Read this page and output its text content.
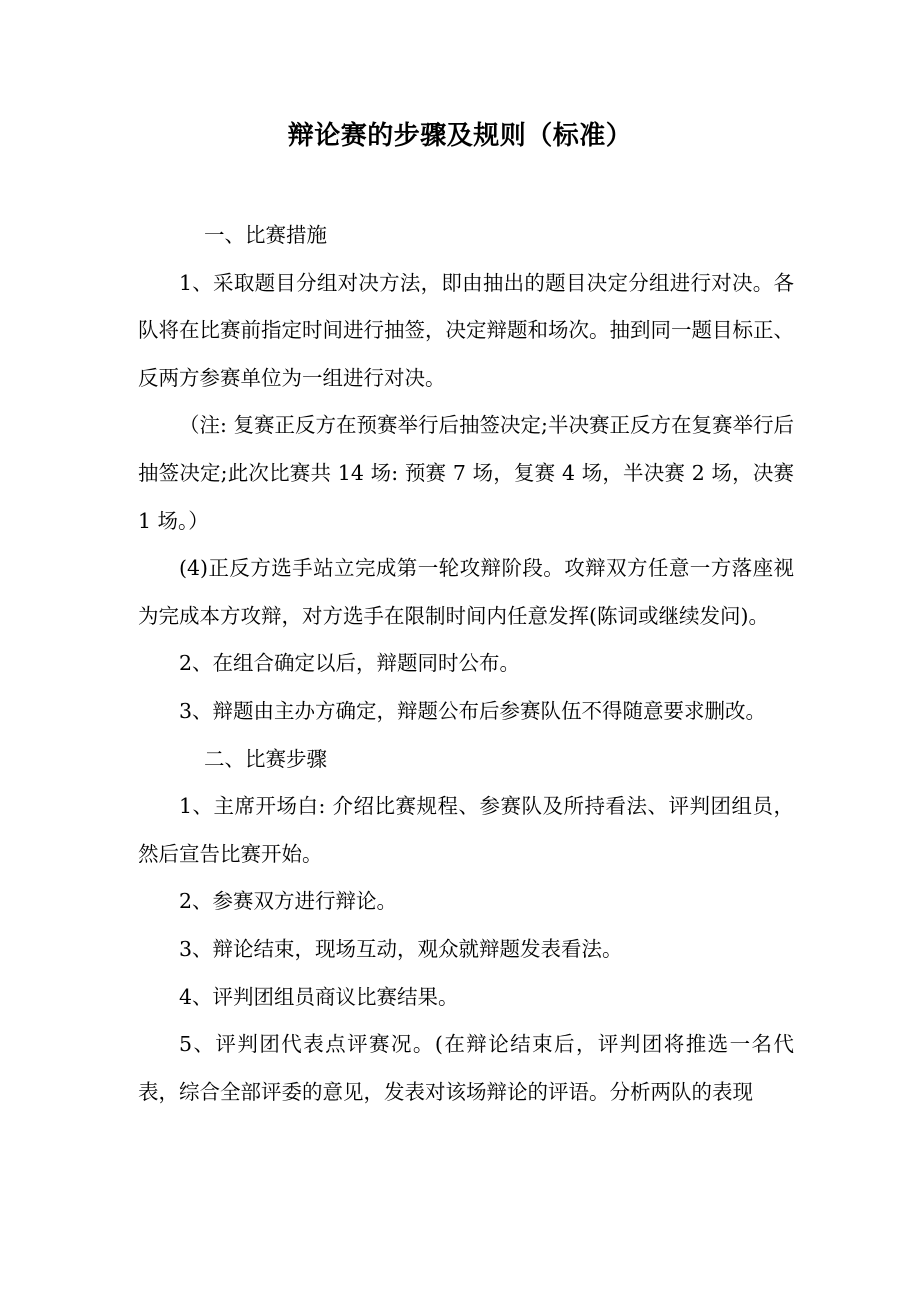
辩论赛的步骤及规则（标准）
一、比赛措施

1、采取题目分组对决方法，即由抽出的题目决定分组进行对决。各队将在比赛前指定时间进行抽签，决定辩题和场次。抽到同一题目标正、反两方参赛单位为一组进行对决。

（注: 复赛正反方在预赛举行后抽签决定;半决赛正反方在复赛举行后抽签决定;此次比赛共 14 场: 预赛 7 场，复赛 4 场，半决赛 2 场，决赛 1 场。）

(4)正反方选手站立完成第一轮攻辩阶段。攻辩双方任意一方落座视为完成本方攻辩，对方选手在限制时间内任意发挥(陈词或继续发问)。

2、在组合确定以后，辩题同时公布。

3、辩题由主办方确定，辩题公布后参赛队伍不得随意要求删改。

二、比赛步骤

1、主席开场白: 介绍比赛规程、参赛队及所持看法、评判团组员，然后宣告比赛开始。

2、参赛双方进行辩论。

3、辩论结束，现场互动，观众就辩题发表看法。

4、评判团组员商议比赛结果。

5、评判团代表点评赛况。(在辩论结束后，评判团将推选一名代表，综合全部评委的意见，发表对该场辩论的评语。分析两队的表现
